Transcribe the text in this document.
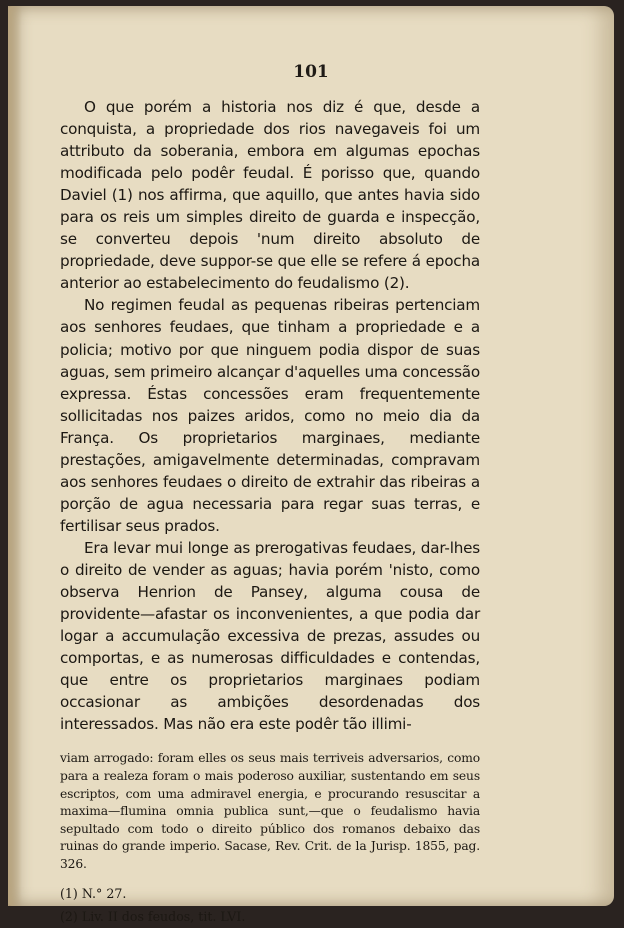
101

O que porém a historia nos diz é que, desde a conquista, a propriedade dos rios navegaveis foi um attributo da soberania, embora em algumas epochas modificada pelo podêr feudal. É porisso que, quando Daviel (1) nos affirma, que aquillo, que antes havia sido para os reis um simples direito de guarda e inspecção, se converteu depois 'num direito absoluto de propriedade, deve suppor-se que elle se refere á epocha anterior ao estabelecimento do feudalismo (2).

No regimen feudal as pequenas ribeiras pertenciam aos senhores feudaes, que tinham a propriedade e a policia; motivo por que ninguem podia dispor de suas aguas, sem primeiro alcançar d'aquelles uma concessão expressa. Éstas concessões eram frequentemente sollicitadas nos paizes aridos, como no meio dia da França. Os proprietarios marginaes, mediante prestações, amigavelmente determinadas, compravam aos senhores feudaes o direito de extrahir das ribeiras a porção de agua necessaria para regar suas terras, e fertilisar seus prados.

Era levar mui longe as prerogativas feudaes, dar-lhes o direito de vender as aguas; havia porém 'nisto, como observa Henrion de Pansey, alguma cousa de providente—afastar os inconvenientes, a que podia dar logar a accumulação excessiva de prezas, assudes ou comportas, e as numerosas difficuldades e contendas, que entre os proprietarios marginaes podiam occasionar as ambições desordenadas dos interessados. Mas não era este podêr tão illimi-

viam arrogado: foram elles os seus mais terriveis adversarios, como para a realeza foram o mais poderoso auxiliar, sustentando em seus escriptos, com uma admiravel energia, e procurando resuscitar a maxima—flumina omnia publica sunt,—que o feudalismo havia sepultado com todo o direito público dos romanos debaixo das ruinas do grande imperio. Sacase, Rev. Crit. de la Jurisp. 1855, pag. 326.

(1) N.° 27.

(2) Liv. II dos feudos, tit. LVI.
